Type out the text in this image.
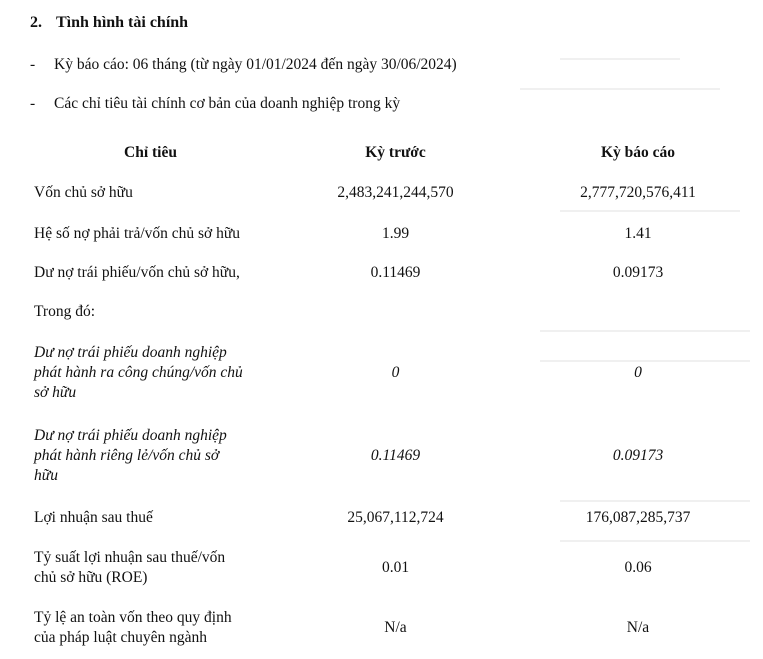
2. Tình hình tài chính
- Kỳ báo cáo: 06 tháng (từ ngày 01/01/2024 đến ngày 30/06/2024)
- Các chỉ tiêu tài chính cơ bản của doanh nghiệp trong kỳ
Chỉ tiêu	Kỳ trước	Kỳ báo cáo
Vốn chủ sở hữu	2,483,241,244,570	2,777,720,576,411
Hệ số nợ phải trả/vốn chủ sở hữu	1.99	1.41
Dư nợ trái phiếu/vốn chủ sở hữu,	0.11469	0.09173
Trong đó:		
Dư nợ trái phiếu doanh nghiệp
phát hành ra công chúng/vốn chủ
sở hữu	0	0
Dư nợ trái phiếu doanh nghiệp
phát hành riêng lẻ/vốn chủ sở
hữu	0.11469	0.09173
Lợi nhuận sau thuế	25,067,112,724	176,087,285,737
Tỷ suất lợi nhuận sau thuế/vốn
chủ sở hữu (ROE)	0.01	0.06
Tỷ lệ an toàn vốn theo quy định
của pháp luật chuyên ngành	N/a	N/a
